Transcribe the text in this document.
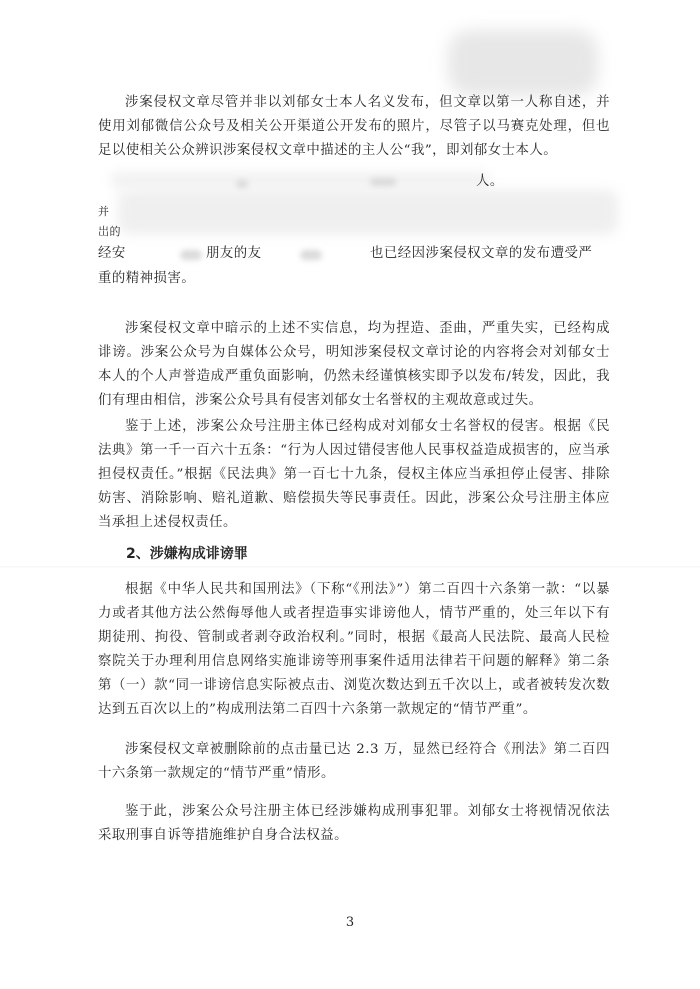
涉案侵权文章尽管并非以刘郁女士本人名义发布，但文章以第一人称自述，并使用刘郁微信公众号及相关公开渠道公开发布的照片，尽管子以马赛克处理，但也足以使相关公众辨识涉案侵权文章中描述的主人公“我”，即刘郁女士本人。
人。
并
岀的
经安	朋友的友	也已经因涉案侵权文章的发布遭受严
重的精神损害。
涉案侵权文章中暗示的上述不实信息，均为捏造、歪曲，严重失实，已经构成诽谤。涉案公众号为自媒体公众号，明知涉案侵权文章讨论的内容将会对刘郁女士本人的个人声誉造成严重负面影响，仍然未经谨慎核实即予以发布/转发，因此，我们有理由相信，涉案公众号具有侵害刘郁女士名誉权的主观故意或过失。
鉴于上述，涉案公众号注册主体已经构成对刘郁女士名誉权的侵害。根据《民法典》第一千一百六十五条：“行为人因过错侵害他人民事权益造成损害的，应当承担侵权责任。”根据《民法典》第一百七十九条，侵权主体应当承担停止侵害、排除妨害、消除影响、赔礼道歉、赔偿损失等民事责任。因此，涉案公众号注册主体应当承担上述侵权责任。
2、涉嫌构成诽谤罪
根据《中华人民共和国刑法》（下称“《刑法》”）第二百四十六条第一款：“以暴力或者其他方法公然侮辱他人或者捏造事实诽谤他人，情节严重的，处三年以下有期徒刑、拘役、管制或者剥夺政治权利。”同时，根据《最高人民法院、最高人民检察院关于办理利用信息网络实施诽谤等刑事案件适用法律若干问题的解释》第二条第（一）款“同一诽谤信息实际被点击、浏览次数达到五千次以上，或者被转发次数达到五百次以上的”构成刑法第二百四十六条第一款规定的“情节严重”。
涉案侵权文章被删除前的点击量已达 2.3 万，显然已经符合《刑法》第二百四十六条第一款规定的“情节严重”情形。
鉴于此，涉案公众号注册主体已经涉嫌构成刑事犯罪。刘郁女士将视情况依法采取刑事自诉等措施维护自身合法权益。
3
